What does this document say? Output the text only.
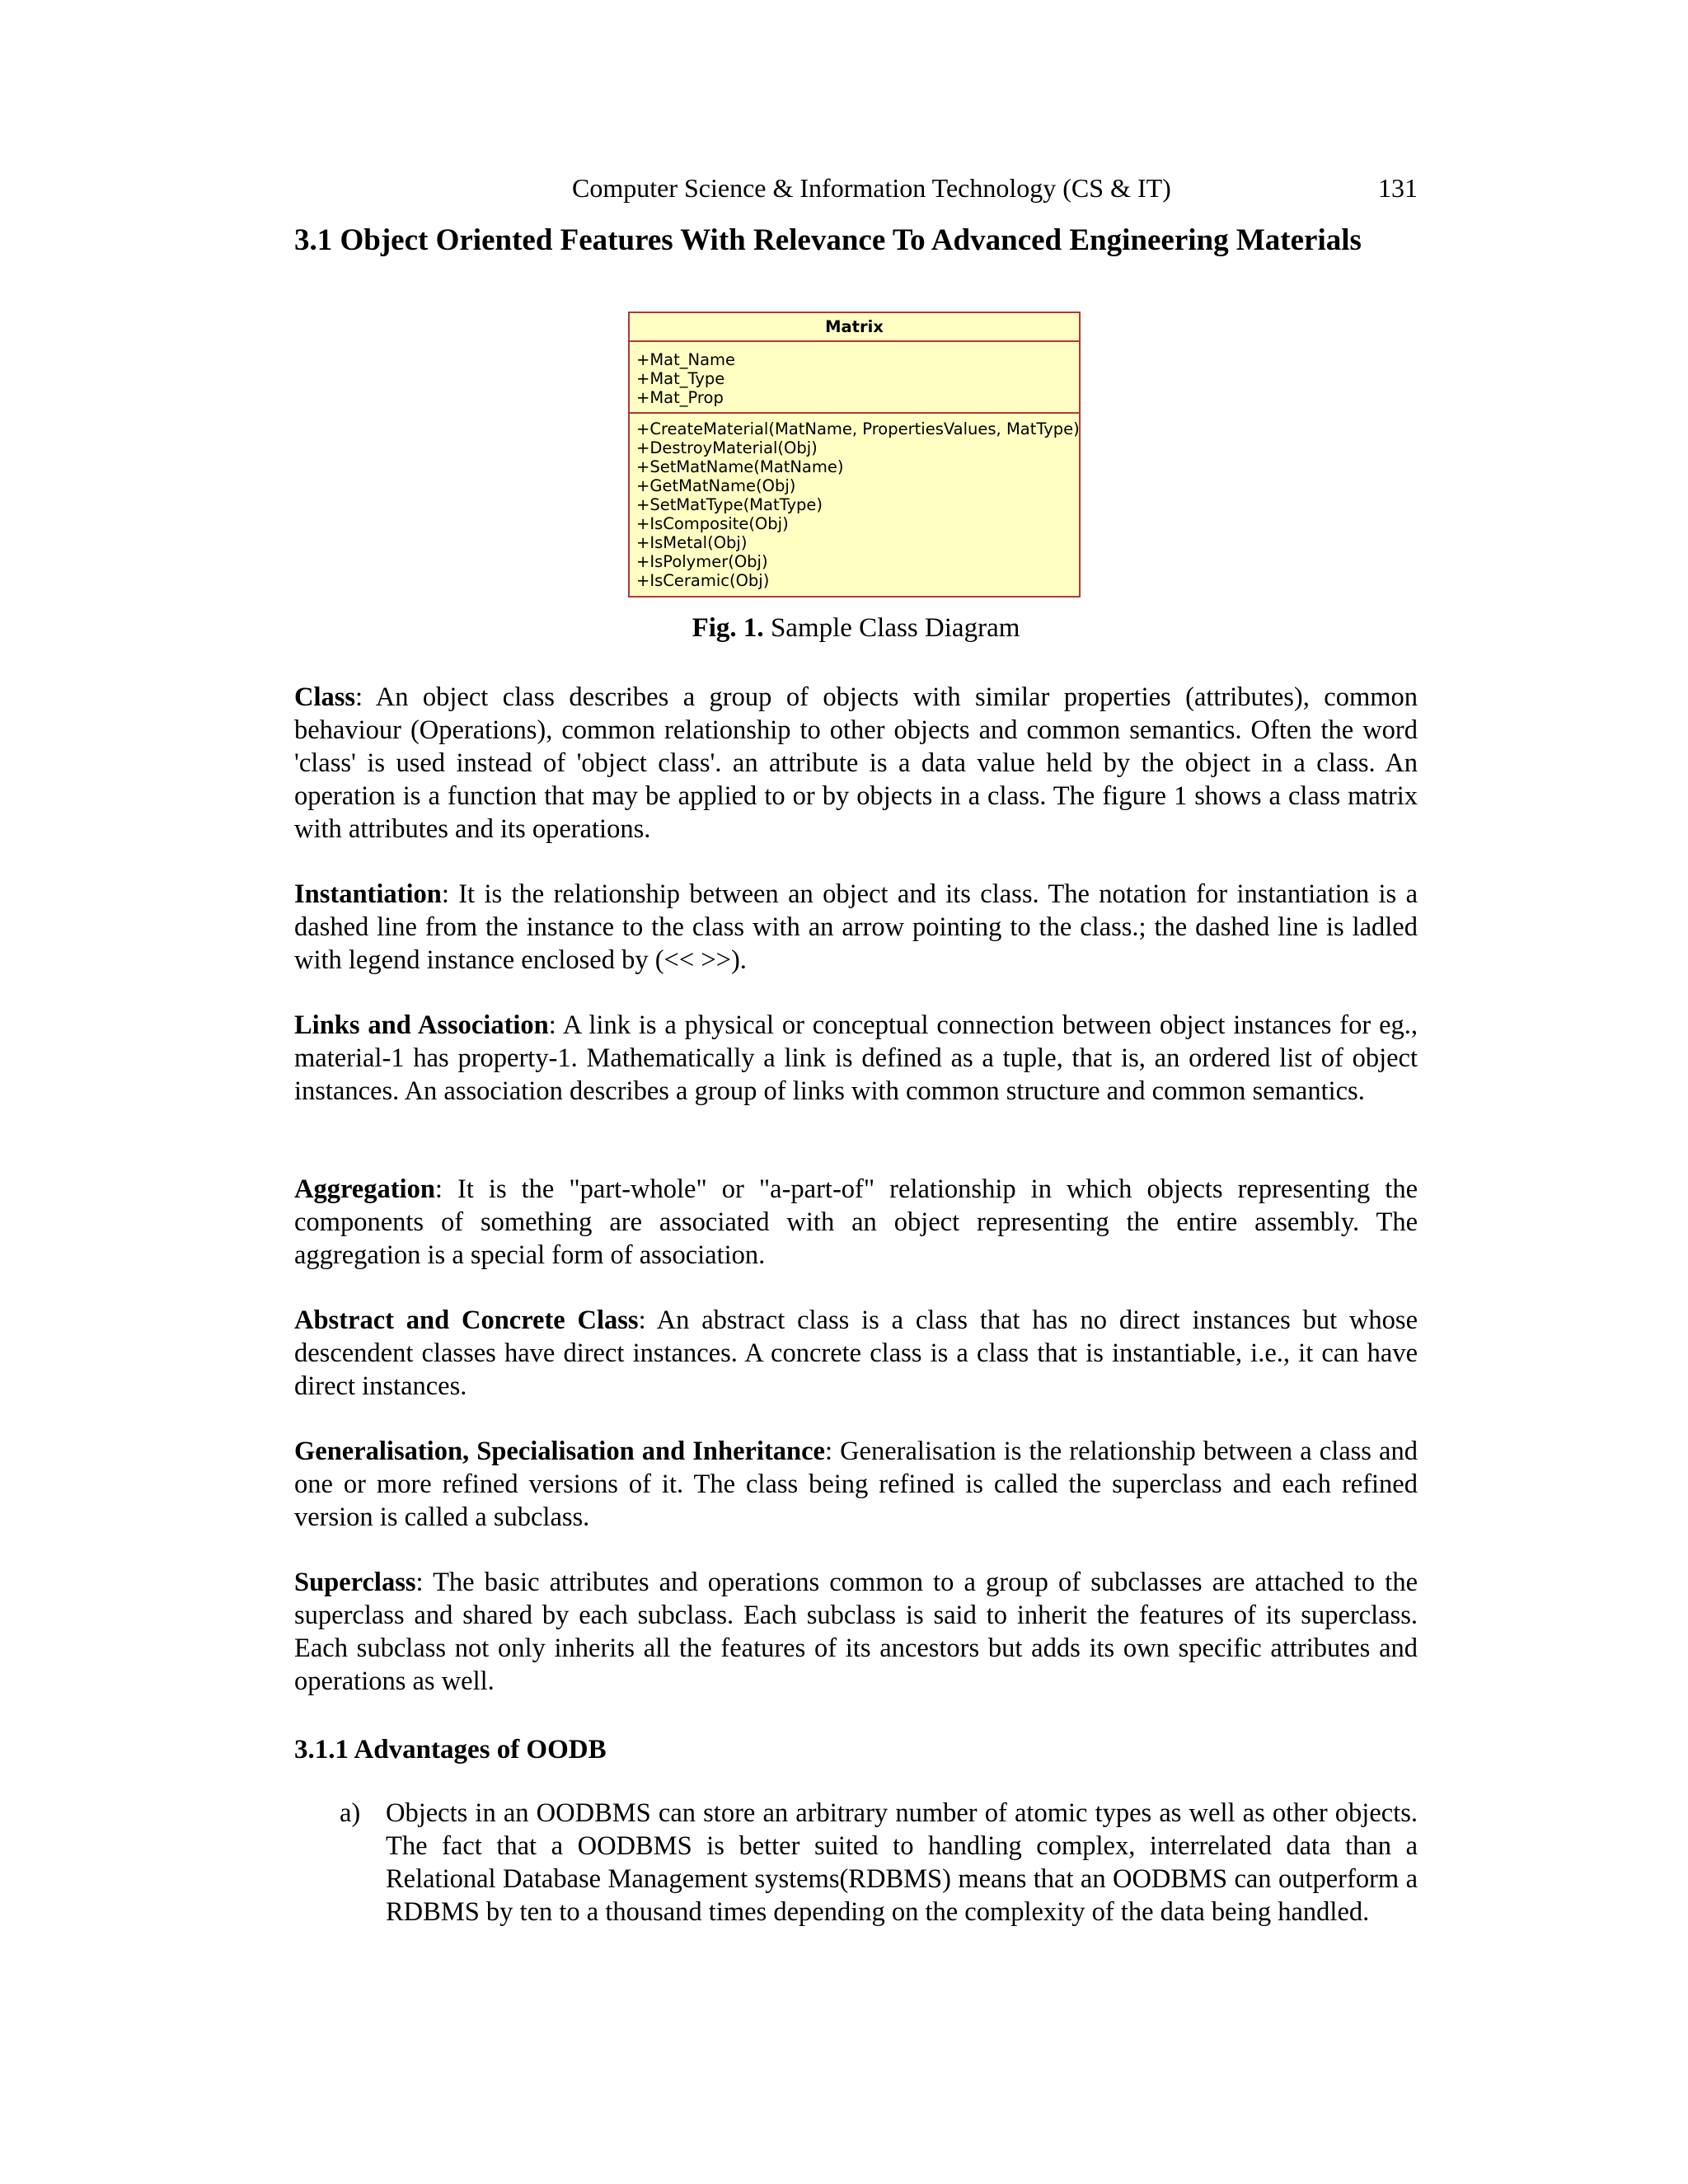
Computer Science & Information Technology (CS & IT)	131
3.1 Object Oriented Features With Relevance To Advanced Engineering Materials
Matrix
+Mat_Name
+Mat_Type
+Mat_Prop
+CreateMaterial(MatName, PropertiesValues, MatType)
+DestroyMaterial(Obj)
+SetMatName(MatName)
+GetMatName(Obj)
+SetMatType(MatType)
+IsComposite(Obj)
+IsMetal(Obj)
+IsPolymer(Obj)
+IsCeramic(Obj)
Fig. 1. Sample Class Diagram

Class: An object class describes a group of objects with similar properties (attributes), common behaviour (Operations), common relationship to other objects and common semantics. Often the word 'class' is used instead of 'object class'. an attribute is a data value held by the object in a class. An operation is a function that may be applied to or by objects in a class. The figure 1 shows a class matrix with attributes and its operations.

Instantiation: It is the relationship between an object and its class. The notation for instantiation is a dashed line from the instance to the class with an arrow pointing to the class.; the dashed line is ladled with legend instance enclosed by (<< >>).

Links and Association: A link is a physical or conceptual connection between object instances for eg., material-1 has property-1. Mathematically a link is defined as a tuple, that is, an ordered list of object instances. An association describes a group of links with common structure and common semantics.

Aggregation: It is the "part-whole" or "a-part-of" relationship in which objects representing the components of something are associated with an object representing the entire assembly. The aggregation is a special form of association.

Abstract and Concrete Class: An abstract class is a class that has no direct instances but whose descendent classes have direct instances. A concrete class is a class that is instantiable, i.e., it can have direct instances.

Generalisation, Specialisation and Inheritance: Generalisation is the relationship between a class and one or more refined versions of it. The class being refined is called the superclass and each refined version is called a subclass.

Superclass: The basic attributes and operations common to a group of subclasses are attached to the superclass and shared by each subclass. Each subclass is said to inherit the features of its superclass. Each subclass not only inherits all the features of its ancestors but adds its own specific attributes and operations as well.

3.1.1 Advantages of OODB
a) Objects in an OODBMS can store an arbitrary number of atomic types as well as other objects. The fact that a OODBMS is better suited to handling complex, interrelated data than a Relational Database Management systems(RDBMS) means that an OODBMS can outperform a RDBMS by ten to a thousand times depending on the complexity of the data being handled.
